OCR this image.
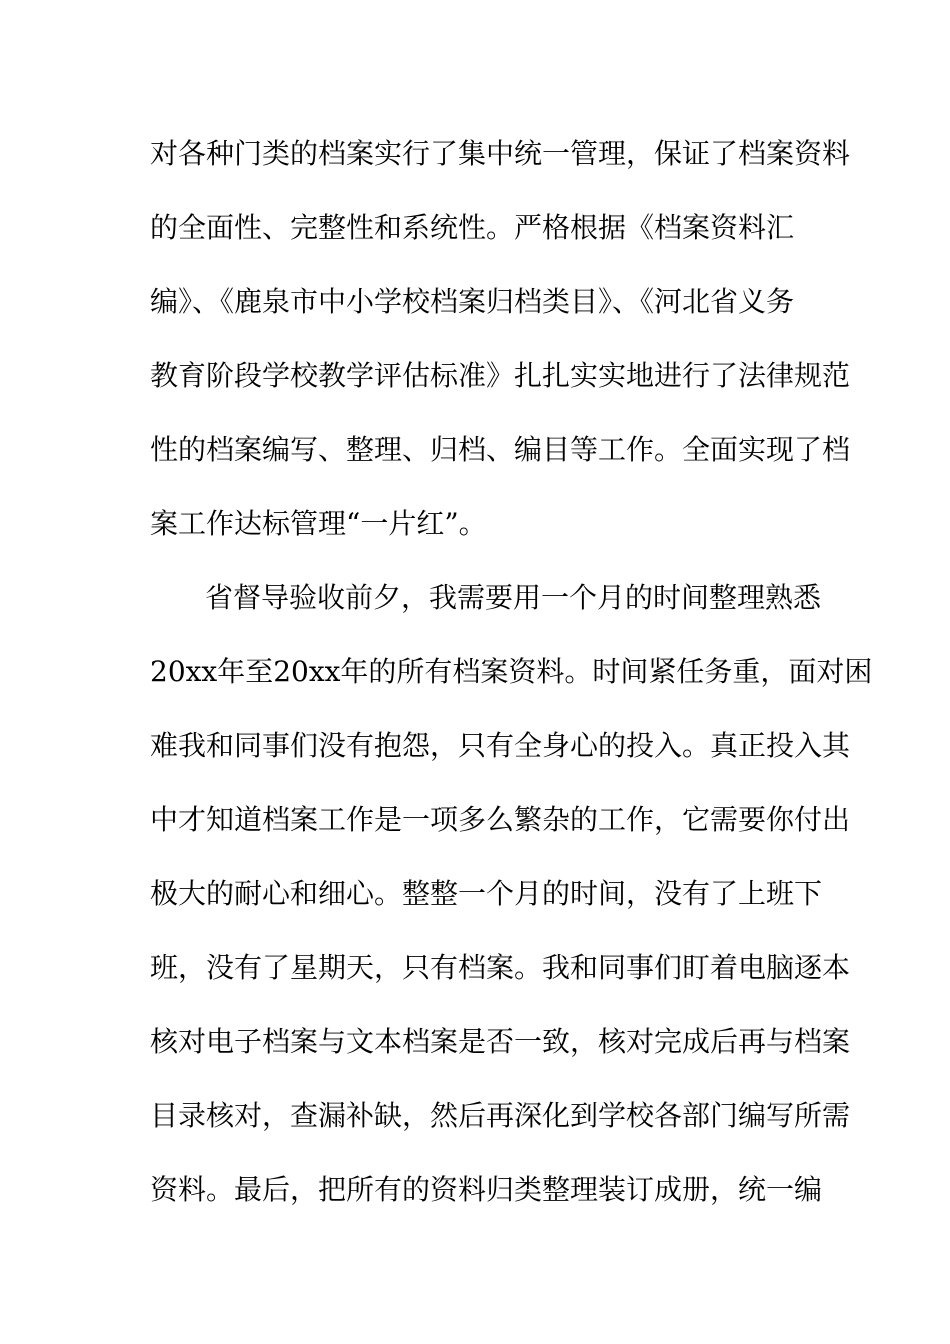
对各种门类的档案实行了集中统一管理，保证了档案资料
的全面性、完整性和系统性。严格根据《档案资料汇
编》、《鹿泉市中小学校档案归档类目》、《河北省义务
教育阶段学校教学评估标准》扎扎实实地进行了法律规范
性的档案编写、整理、归档、编目等工作。全面实现了档
案工作达标管理“一片红”。
省督导验收前夕，我需要用一个月的时间整理熟悉
20xx年至20xx年的所有档案资料。时间紧任务重，面对困
难我和同事们没有抱怨，只有全身心的投入。真正投入其
中才知道档案工作是一项多么繁杂的工作，它需要你付出
极大的耐心和细心。整整一个月的时间，没有了上班下
班，没有了星期天，只有档案。我和同事们盯着电脑逐本
核对电子档案与文本档案是否一致，核对完成后再与档案
目录核对，查漏补缺，然后再深化到学校各部门编写所需
资料。最后，把所有的资料归类整理装订成册，统一编
